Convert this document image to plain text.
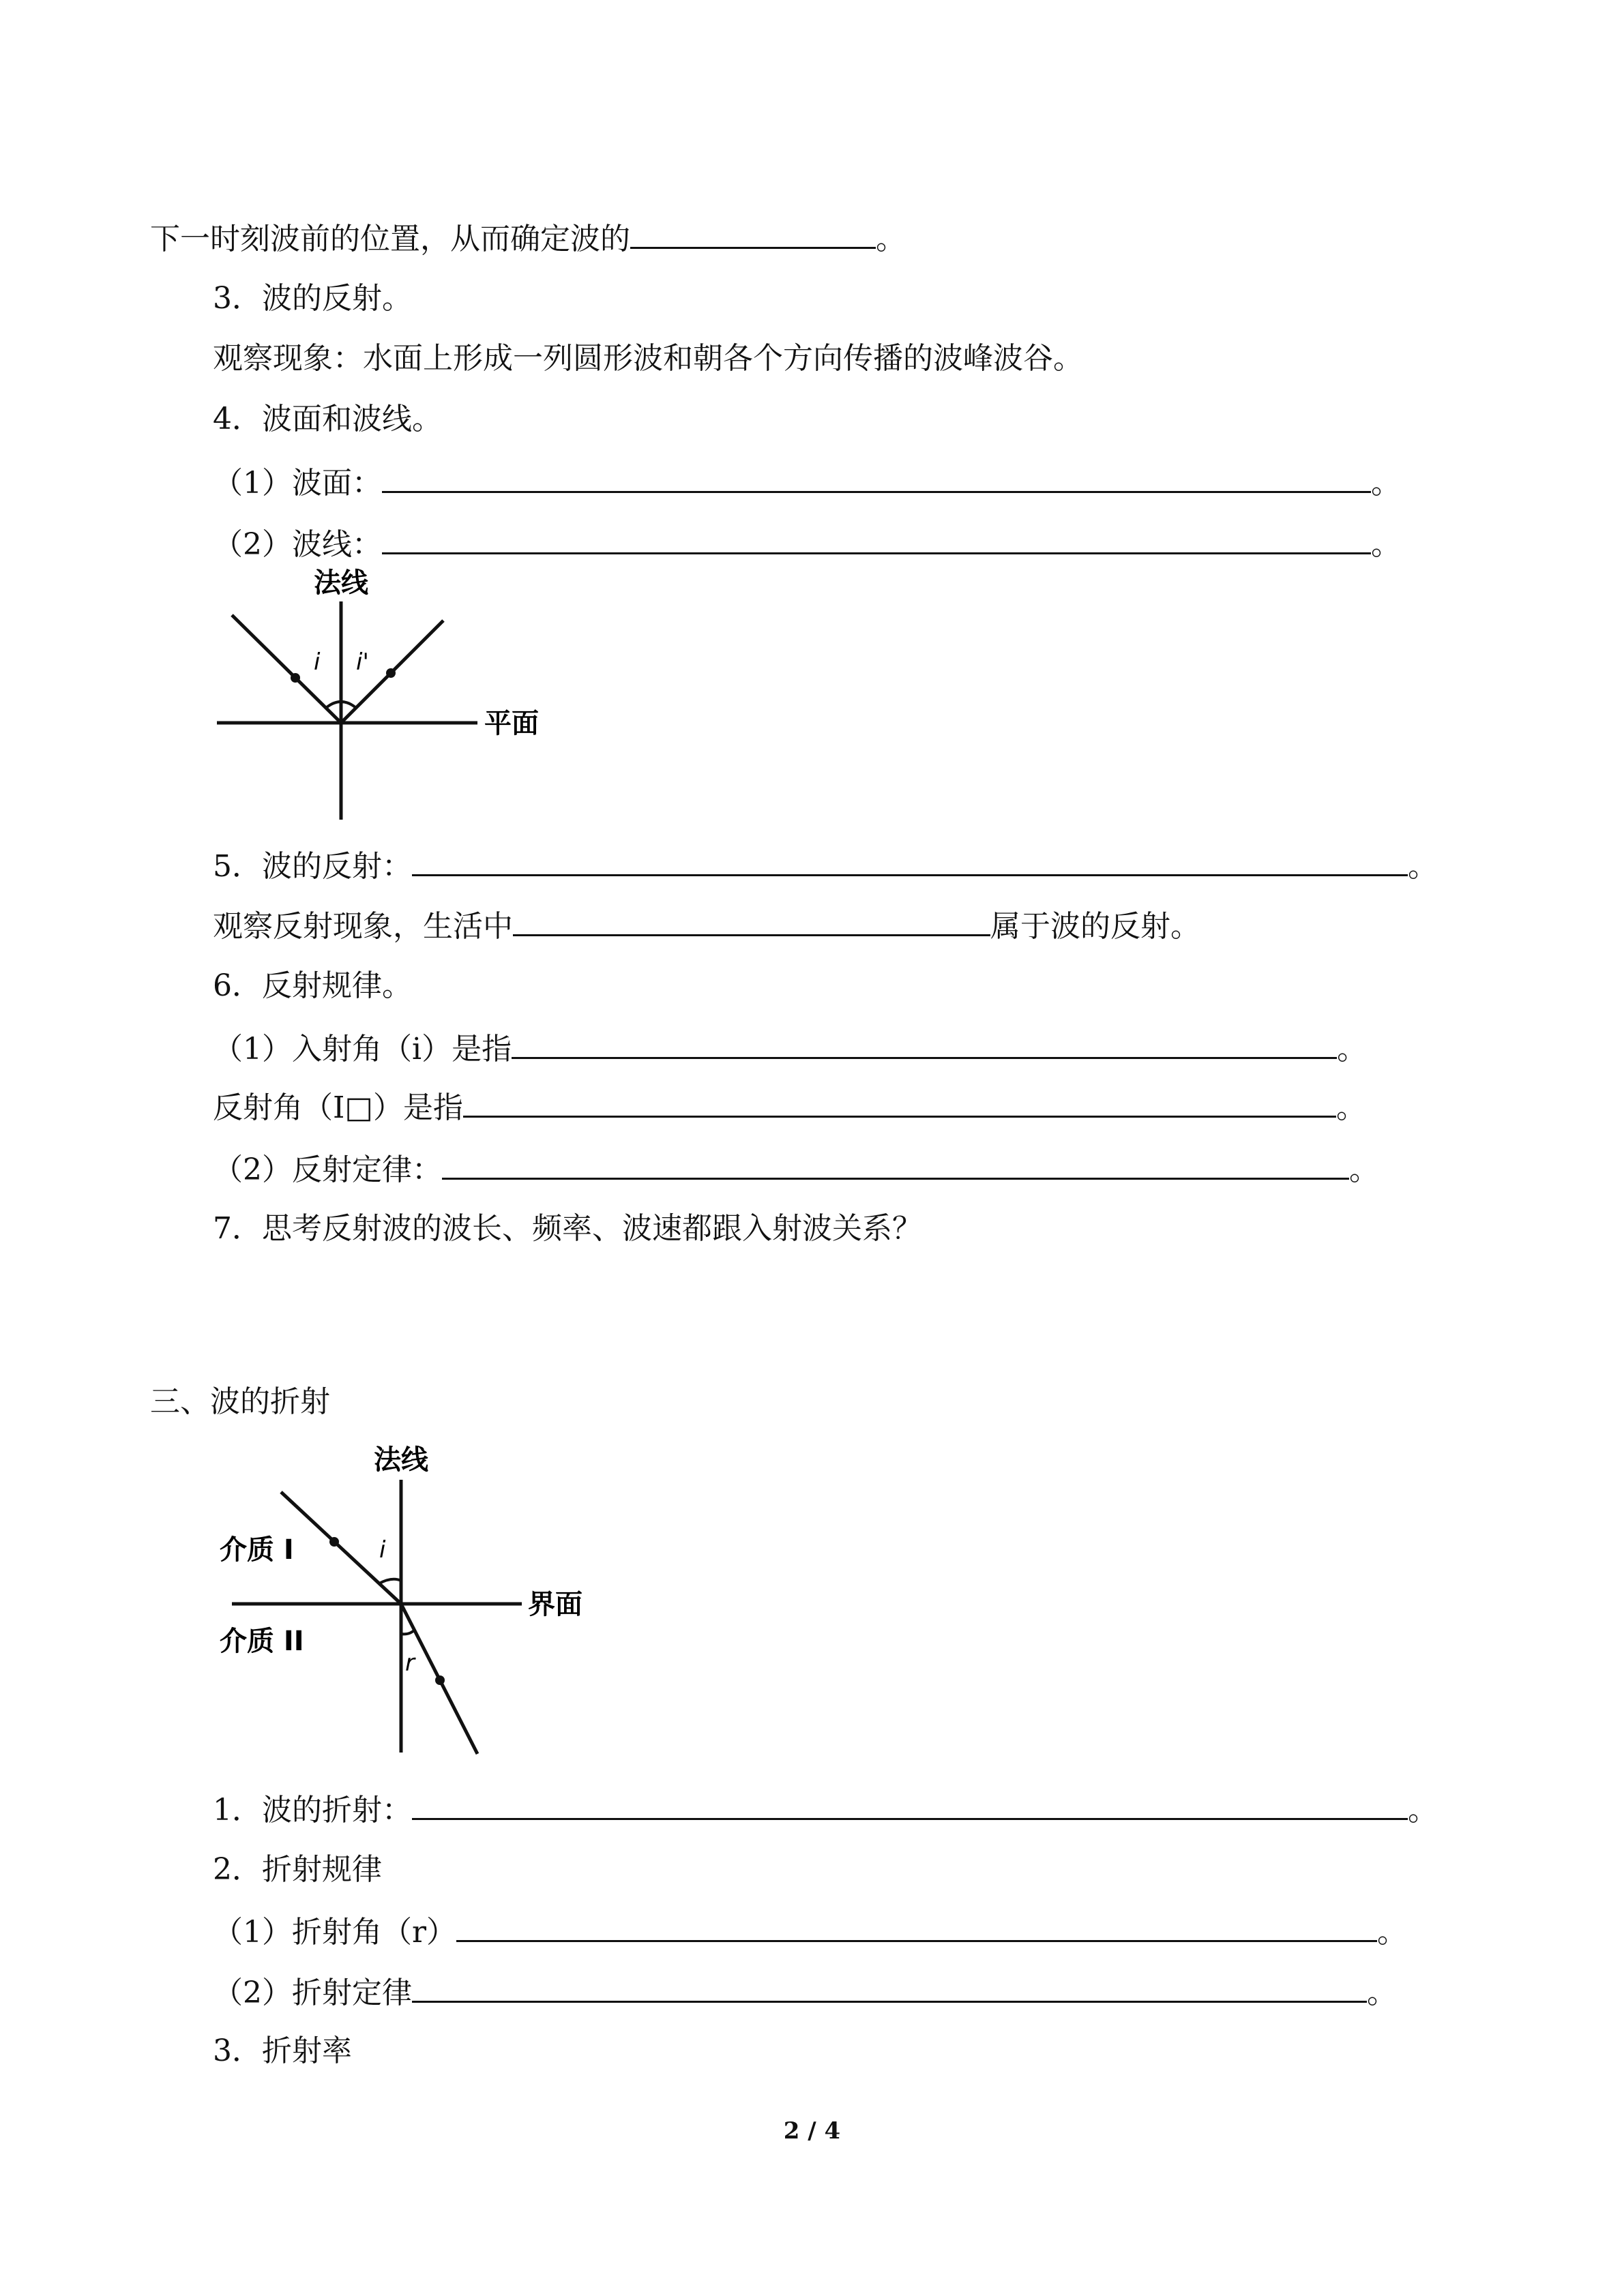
下一时刻波前的位置，从而确定波的	。
3．波的反射。
观察现象：水面上形成一列圆形波和朝各个方向传播的波峰波谷。
4．波面和波线。
（1）波面：	。
（2）波线：	。
法线
平面
i i'
5．波的反射：	。
观察反射现象，生活中	属于波的反射。
6．反射规律。
（1）入射角（i）是指	。
反射角（I□）是指	。
（2）反射定律：	。
7．思考反射波的波长、频率、波速都跟入射波关系？
三、波的折射
法线
界面
介质 I
介质 II
i
r
1．波的折射：	。
2．折射规律
（1）折射角（r）	。
（2）折射定律	。
3．折射率
2 / 4
